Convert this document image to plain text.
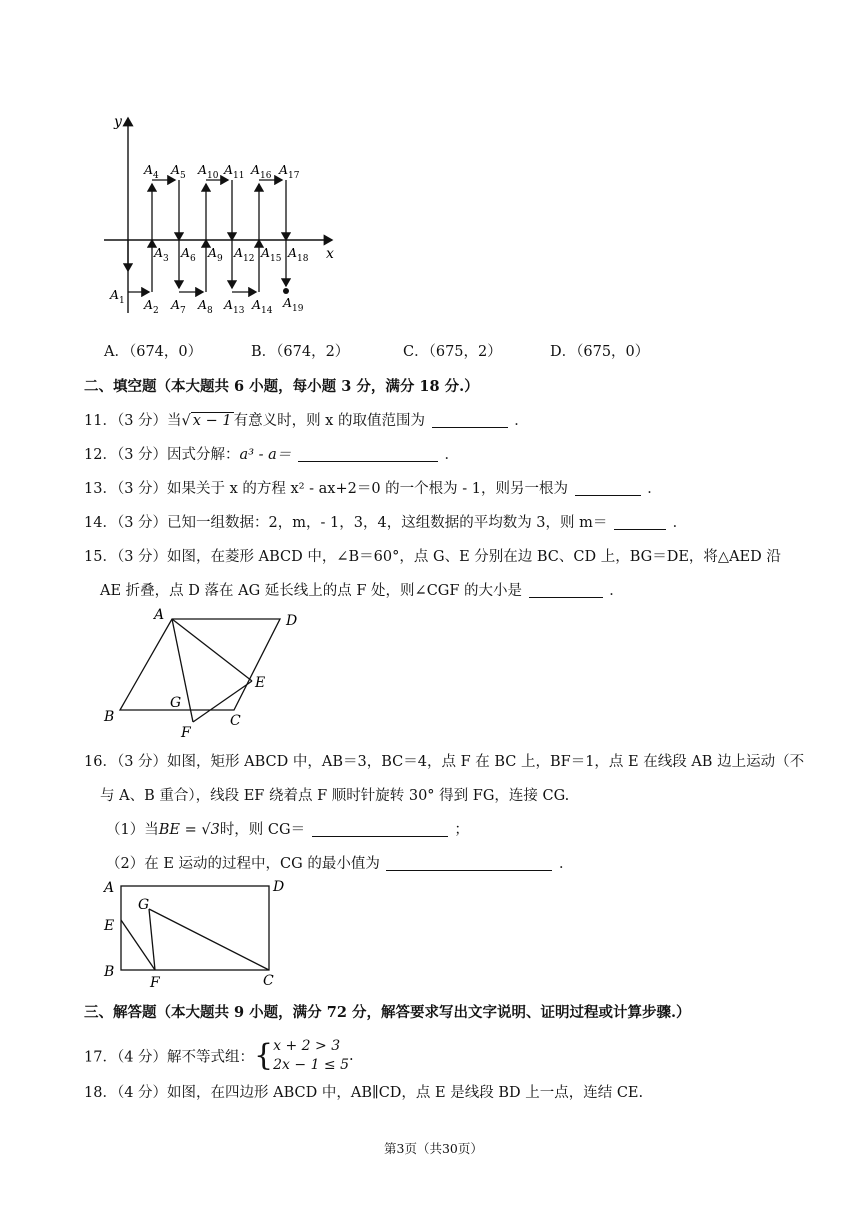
y
x
$A_1$ $A_2$
$A_3$
$A_4$ $A_5$
$A_6$
$A_7$ $A_8$
$A_9$
$A_{10}$ $A_{11}$
$A_{12}$
$A_{13}$ $A_{14}$
$A_{15}$
$A_{16}$ $A_{17}$
$A_{18}$
$A_{19}$
A．（674，0）	B．（674，2）	C．（675，2）	D．（675，0）
二、填空题（本大题共 6 小题，每小题 3 分，满分 18 分.）
11．（3 分）当√ x − 1 有意义时，则 x 的取值范围为	．
12．（3 分）因式分解：a³ - a＝	．
13．（3 分）如果关于 x 的方程 x² - ax+2＝0 的一个根为 - 1，则另一根为	．
14．（3 分）已知一组数据：2，m，- 1，3，4，这组数据的平均数为 3，则 m＝	．
15．（3 分）如图，在菱形 ABCD 中，∠B＝60°，点 G、E 分别在边 BC、CD 上，BG＝DE，将△AED 沿
AE 折叠，点 D 落在 AG 延长线上的点 F 处，则∠CGF 的大小是	．
A	D
B	C
E
F
G
16．（3 分）如图，矩形 ABCD 中，AB＝3，BC＝4，点 F 在 BC 上，BF＝1，点 E 在线段 AB 边上运动（不
与 A、B 重合），线段 EF 绕着点 F 顺时针旋转 30° 得到 FG，连接 CG.
（1）当BE = √3时，则 CG＝	；
（2）在 E 运动的过程中，CG 的最小值为	．
A	D
E
B
C
F
G
三、解答题（本大题共 9 小题，满分 72 分，解答要求写出文字说明、证明过程或计算步骤.）
17．（4 分）解不等式组：{x + 2 > 3
2x − 1 ≤ 5.
18．（4 分）如图，在四边形 ABCD 中，AB∥CD，点 E 是线段 BD 上一点，连结 CE.
第3页（共30页）
